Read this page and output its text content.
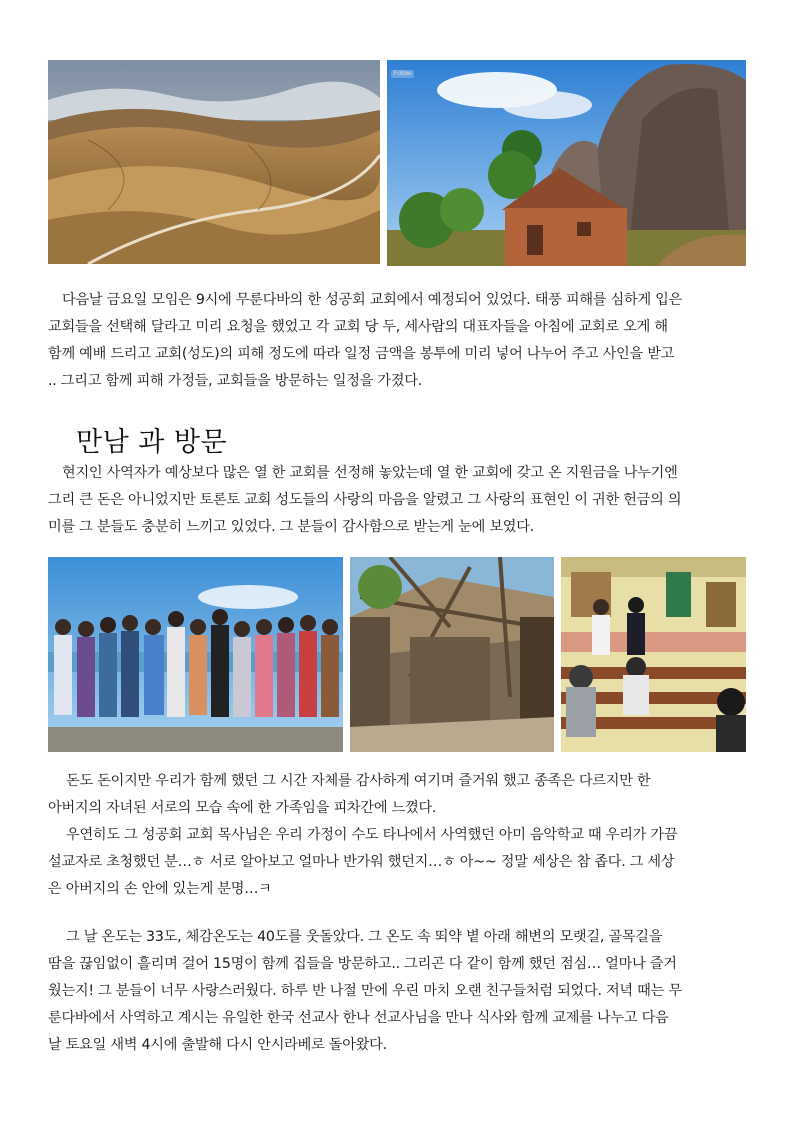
Follow

다음날 금요일 모임은 9시에 무룬다바의 한 성공회 교회에서 예정되어 있었다. 태풍 피해를 심하게 입은
교회들을 선택해 달라고 미리 요청을 했었고 각 교회 당 두, 세사람의 대표자들을 아침에 교회로 오게 해
함께 예배 드리고 교회(성도)의 피해 정도에 따라 일정 금액을 봉투에 미리 넣어 나누어 주고 사인을 받고
.. 그리고 함께 피해 가정들, 교회들을 방문하는 일정을 가졌다.

만남 과 방문

현지인 사역자가 예상보다 많은 열 한 교회를 선정해 놓았는데 열 한 교회에 갖고 온 지원금을 나누기엔
그리 큰 돈은 아니었지만 토론토 교회 성도들의 사랑의 마음을 알렸고 그 사랑의 표현인 이 귀한 헌금의 의
미를 그 분들도 충분히 느끼고 있었다. 그 분들이 감사함으로 받는게 눈에 보였다.

돈도 돈이지만 우리가 함께 했던 그 시간 자체를 감사하게 여기며 즐거워 했고 종족은 다르지만 한
아버지의 자녀된 서로의 모습 속에 한 가족임을 피차간에 느꼈다.
우연히도 그 성공회 교회 목사님은 우리 가정이 수도 타나에서 사역했던 아미 음악학교 때 우리가 가끔
설교자로 초청했던 분…ㅎ 서로 알아보고 얼마나 반가워 했던지…ㅎ 아~~ 정말 세상은 참 좁다. 그 세상
은 아버지의 손 안에 있는게 분명…ㅋ

그 날 온도는 33도, 체감온도는 40도를 웃돌았다. 그 온도 속 뙤약 볕 아래 해변의 모랫길, 골목길을
땀을 끊임없이 흘리며 걸어 15명이 함께 집들을 방문하고.. 그리곤 다 같이 함께 했던 점심… 얼마나 즐거
웠는지! 그 분들이 너무 사랑스러웠다. 하루 반 나절 만에 우린 마치 오랜 친구들처럼 되었다. 저녁 때는 무
룬다바에서 사역하고 계시는 유일한 한국 선교사 한나 선교사님을 만나 식사와 함께 교제를 나누고 다음
날 토요일 새벽 4시에 출발해 다시 안시라베로 돌아왔다.
